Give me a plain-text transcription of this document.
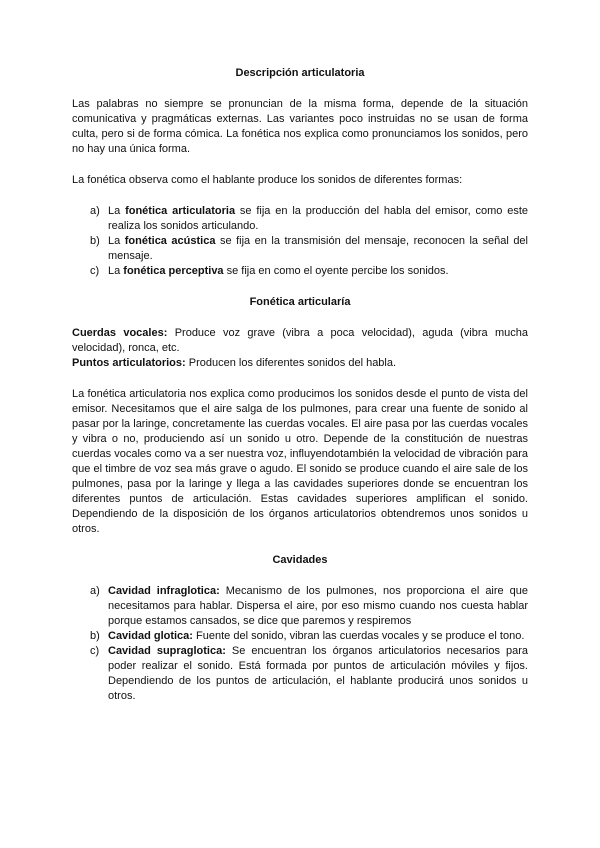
Descripción articulatoria

Las palabras no siempre se pronuncian de la misma forma, depende de la situación comunicativa y pragmáticas externas. Las variantes poco instruidas no se usan de forma culta, pero si de forma cómica. La fonética nos explica como pronunciamos los sonidos, pero no hay una única forma.

La fonética observa como el hablante produce los sonidos de diferentes formas:

a) La fonética articulatoria se fija en la producción del habla del emisor, como este realiza los sonidos articulando.
b) La fonética acústica se fija en la transmisión del mensaje, reconocen la señal del mensaje.
c) La fonética perceptiva se fija en como el oyente percibe los sonidos.

Fonética articularía

Cuerdas vocales: Produce voz grave (vibra a poca velocidad), aguda (vibra mucha velocidad), ronca, etc.

Puntos articulatorios: Producen los diferentes sonidos del habla.

La fonética articulatoria nos explica como producimos los sonidos desde el punto de vista del emisor. Necesitamos que el aire salga de los pulmones, para crear una fuente de sonido al pasar por la laringe, concretamente las cuerdas vocales. El aire pasa por las cuerdas vocales y vibra o no, produciendo así un sonido u otro. Depende de la constitución de nuestras cuerdas vocales como va a ser nuestra voz, influyendotambién la velocidad de vibración para que el timbre de voz sea más grave o agudo. El sonido se produce cuando el aire sale de los pulmones, pasa por la laringe y llega a las cavidades superiores donde se encuentran los diferentes puntos de articulación. Estas cavidades superiores amplifican el sonido. Dependiendo de la disposición de los órganos articulatorios obtendremos unos sonidos u otros.

Cavidades

a) Cavidad infraglotica: Mecanismo de los pulmones, nos proporciona el aire que necesitamos para hablar. Dispersa el aire, por eso mismo cuando nos cuesta hablar porque estamos cansados, se dice que paremos y respiremos
b) Cavidad glotica: Fuente del sonido, vibran las cuerdas vocales y se produce el tono.
c) Cavidad supraglotica: Se encuentran los órganos articulatorios necesarios para poder realizar el sonido. Está formada por puntos de articulación móviles y fijos. Dependiendo de los puntos de articulación, el hablante producirá unos sonidos u otros.
